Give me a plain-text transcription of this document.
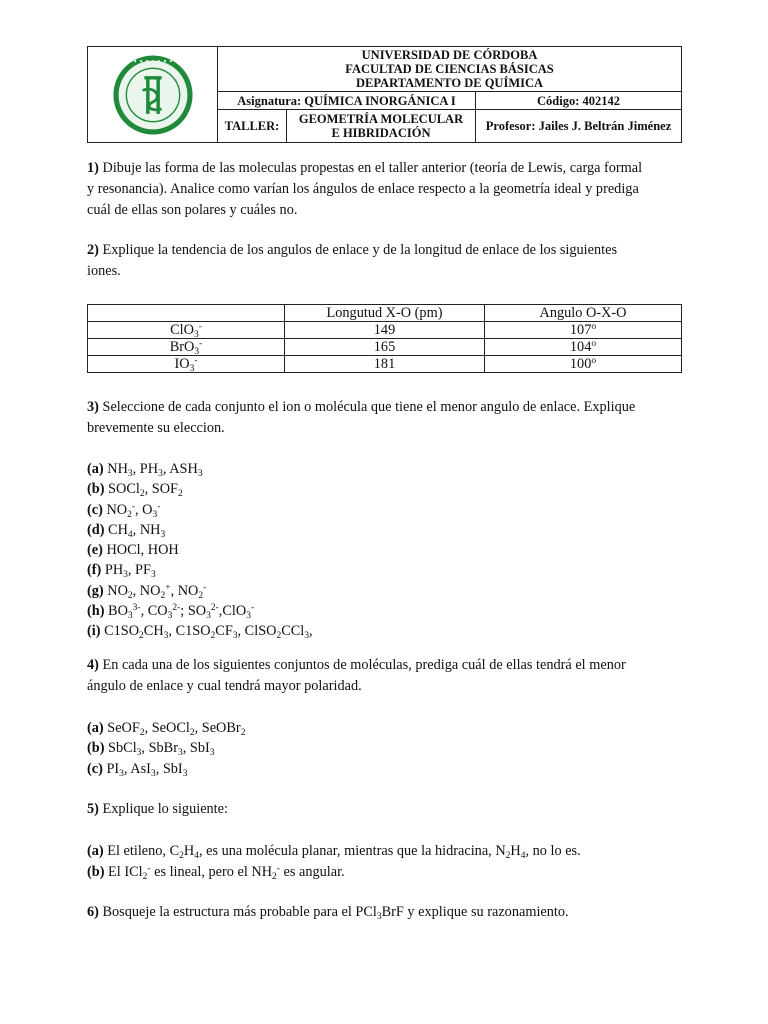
• • • • • • •	UNIVERSIDAD DE CÓRDOBA
FACULTAD DE CIENCIAS BÁSICAS
DEPARTAMENTO DE QUÍMICA		

	Asignatura: QUÍMICA INORGÁNICA I		Código: 402142
	TALLER:	GEOMETRÍA MOLECULAR
E HIBRIDACIÓN	Profesor: Jailes J. Beltrán Jiménez
1) Dibuje las forma de las moleculas propestas en el taller anterior (teoría de Lewis, carga formal
y resonancia). Analice como varían los ángulos de enlace respecto a la geometría ideal y prediga
cuál de ellas son polares y cuáles no.
2) Explique la tendencia de los angulos de enlace y de la longitud de enlace de los siguientes
iones.
	Longutud X-O (pm)	Angulo O-X-O
ClO$_3$-	149	107$^o$
BrO$_3$-	165	104$^o$
$IO_3^-$	181	100$^o$
3) Seleccione de cada conjunto el ion o molécula que tiene el menor angulo de enlace. Explique
brevemente su eleccion.
(a) $NH_3$, $PH_3$, $ASH_3$
(b) SOCl$_2$, $SOF_2$
(c) $NO_2^-$, $O_3^-$
(d) $CH_4$, $NH_3$
(e) HOCl, HOH
(f) $PH_3$, $PF_3$
(g) $NO_2$, $NO_2^+$, $NO_2^-$
(h) $BO_3^{3-}$, $CO_3^{2-}$; $SO_3^{2-},ClO_3^-$
(i) $C1SO_2CH_3$, $C1SO_2CF_3$, ClSO$_2$CCl$_3$,
4) En cada una de los siguientes conjuntos de moléculas, prediga cuál de ellas tendrá el menor
ángulo de enlace y cual tendrá mayor polaridad.
(a) SeOF$_2$, SeOCl$_2$, SeOBr$_2$
(b) SbCl$_3$, SbBr$_3$, SbI$_3$
(c) $PI_3$, AsI$_3$, SbI$_3$
5) Explique lo siguiente:
(a) El etileno, $C_2H_4$, es una molécula planar, mientras que la hidracina, $N_2H_4$, no lo es.
(b) El ICl$_2$- es lineal, pero el $NH_2^-$ es angular.
6) Bosqueje la estructura más probable para el PCl$_3$BrF y explique su razonamiento.
